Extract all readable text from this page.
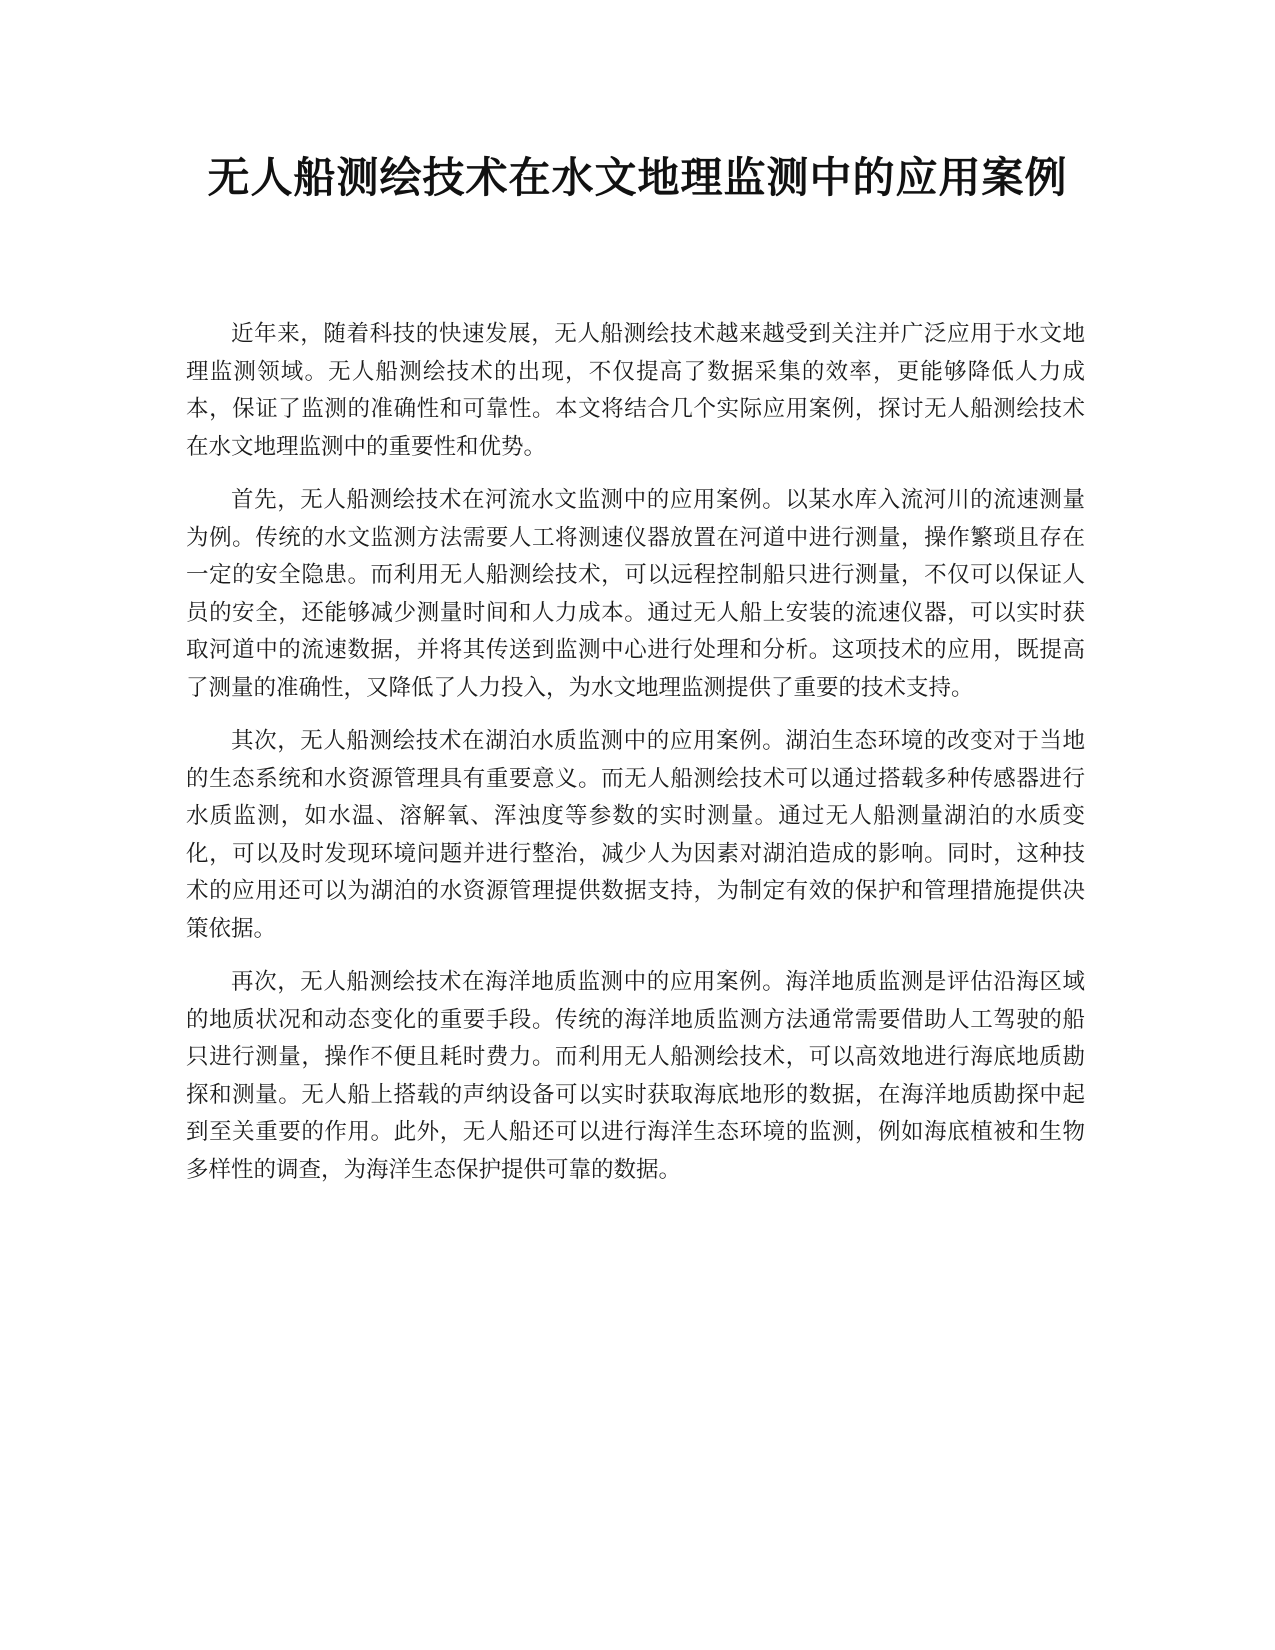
无人船测绘技术在水文地理监测中的应用案例

近年来，随着科技的快速发展，无人船测绘技术越来越受到关注并广泛应用于水文地理监测领域。无人船测绘技术的出现，不仅提高了数据采集的效率，更能够降低人力成本，保证了监测的准确性和可靠性。本文将结合几个实际应用案例，探讨无人船测绘技术在水文地理监测中的重要性和优势。

首先，无人船测绘技术在河流水文监测中的应用案例。以某水库入流河川的流速测量为例。传统的水文监测方法需要人工将测速仪器放置在河道中进行测量，操作繁琐且存在一定的安全隐患。而利用无人船测绘技术，可以远程控制船只进行测量，不仅可以保证人员的安全，还能够减少测量时间和人力成本。通过无人船上安装的流速仪器，可以实时获取河道中的流速数据，并将其传送到监测中心进行处理和分析。这项技术的应用，既提高了测量的准确性，又降低了人力投入，为水文地理监测提供了重要的技术支持。

其次，无人船测绘技术在湖泊水质监测中的应用案例。湖泊生态环境的改变对于当地的生态系统和水资源管理具有重要意义。而无人船测绘技术可以通过搭载多种传感器进行水质监测，如水温、溶解氧、浑浊度等参数的实时测量。通过无人船测量湖泊的水质变化，可以及时发现环境问题并进行整治，减少人为因素对湖泊造成的影响。同时，这种技术的应用还可以为湖泊的水资源管理提供数据支持，为制定有效的保护和管理措施提供决策依据。

再次，无人船测绘技术在海洋地质监测中的应用案例。海洋地质监测是评估沿海区域的地质状况和动态变化的重要手段。传统的海洋地质监测方法通常需要借助人工驾驶的船只进行测量，操作不便且耗时费力。而利用无人船测绘技术，可以高效地进行海底地质勘探和测量。无人船上搭载的声纳设备可以实时获取海底地形的数据，在海洋地质勘探中起到至关重要的作用。此外，无人船还可以进行海洋生态环境的监测，例如海底植被和生物多样性的调查，为海洋生态保护提供可靠的数据。
